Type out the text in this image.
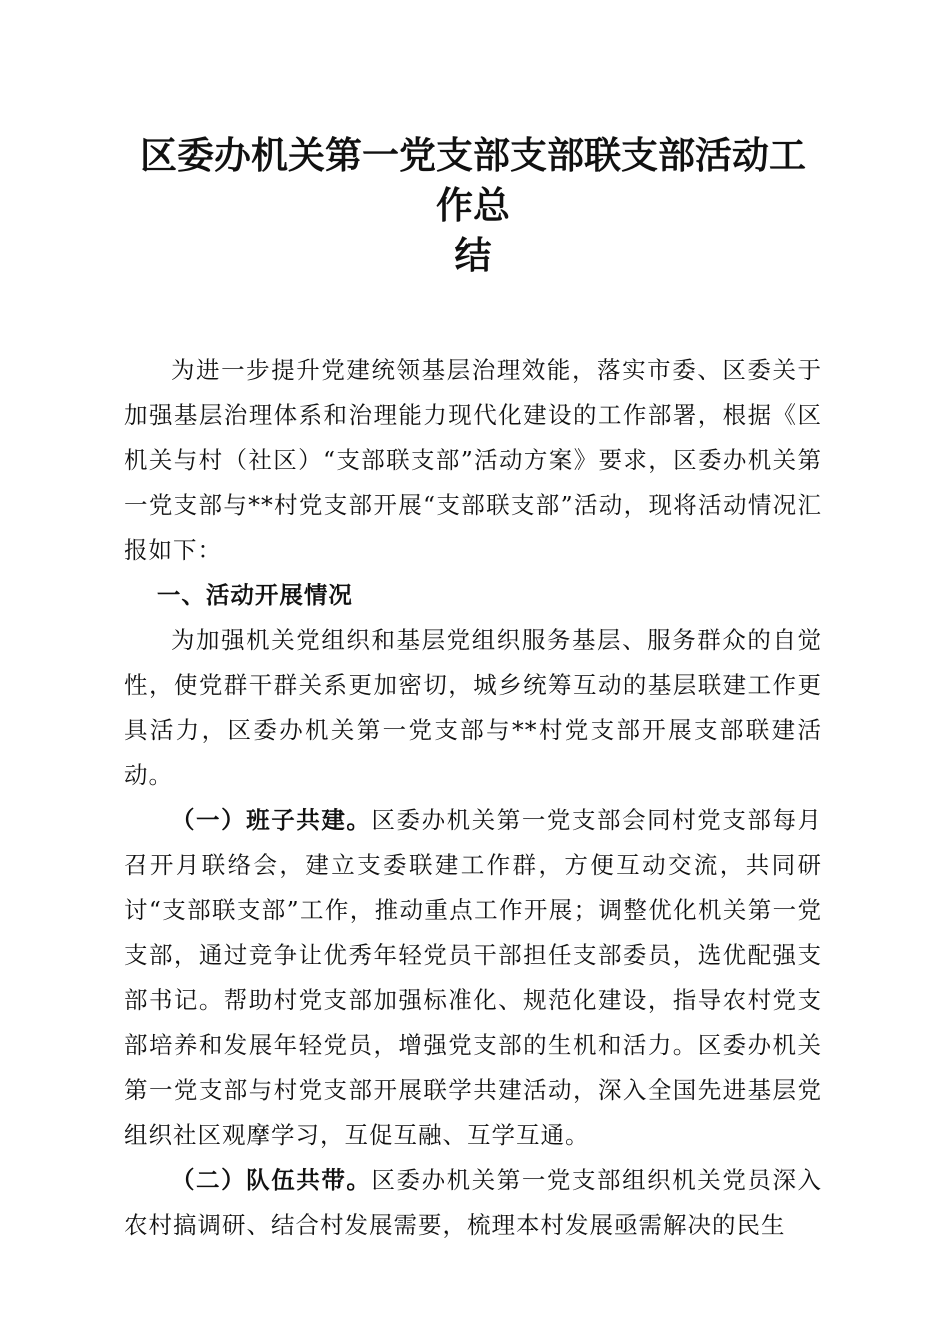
区委办机关第一党支部支部联支部活动工作总
结

为进一步提升党建统领基层治理效能，落实市委、区委关于加强基层治理体系和治理能力现代化建设的工作部署，根据《区机关与村（社区）“支部联支部”活动方案》要求，区委办机关第一党支部与**村党支部开展“支部联支部”活动，现将活动情况汇报如下：

一、活动开展情况

为加强机关党组织和基层党组织服务基层、服务群众的自觉性，使党群干群关系更加密切，城乡统筹互动的基层联建工作更具活力，区委办机关第一党支部与**村党支部开展支部联建活动。

（一）班子共建。区委办机关第一党支部会同村党支部每月召开月联络会，建立支委联建工作群，方便互动交流，共同研讨“支部联支部”工作，推动重点工作开展；调整优化机关第一党支部，通过竞争让优秀年轻党员干部担任支部委员，选优配强支部书记。帮助村党支部加强标准化、规范化建设，指导农村党支部培养和发展年轻党员，增强党支部的生机和活力。区委办机关第一党支部与村党支部开展联学共建活动，深入全国先进基层党组织社区观摩学习，互促互融、互学互通。

（二）队伍共带。区委办机关第一党支部组织机关党员深入农村搞调研、结合村发展需要，梳理本村发展亟需解决的民生
